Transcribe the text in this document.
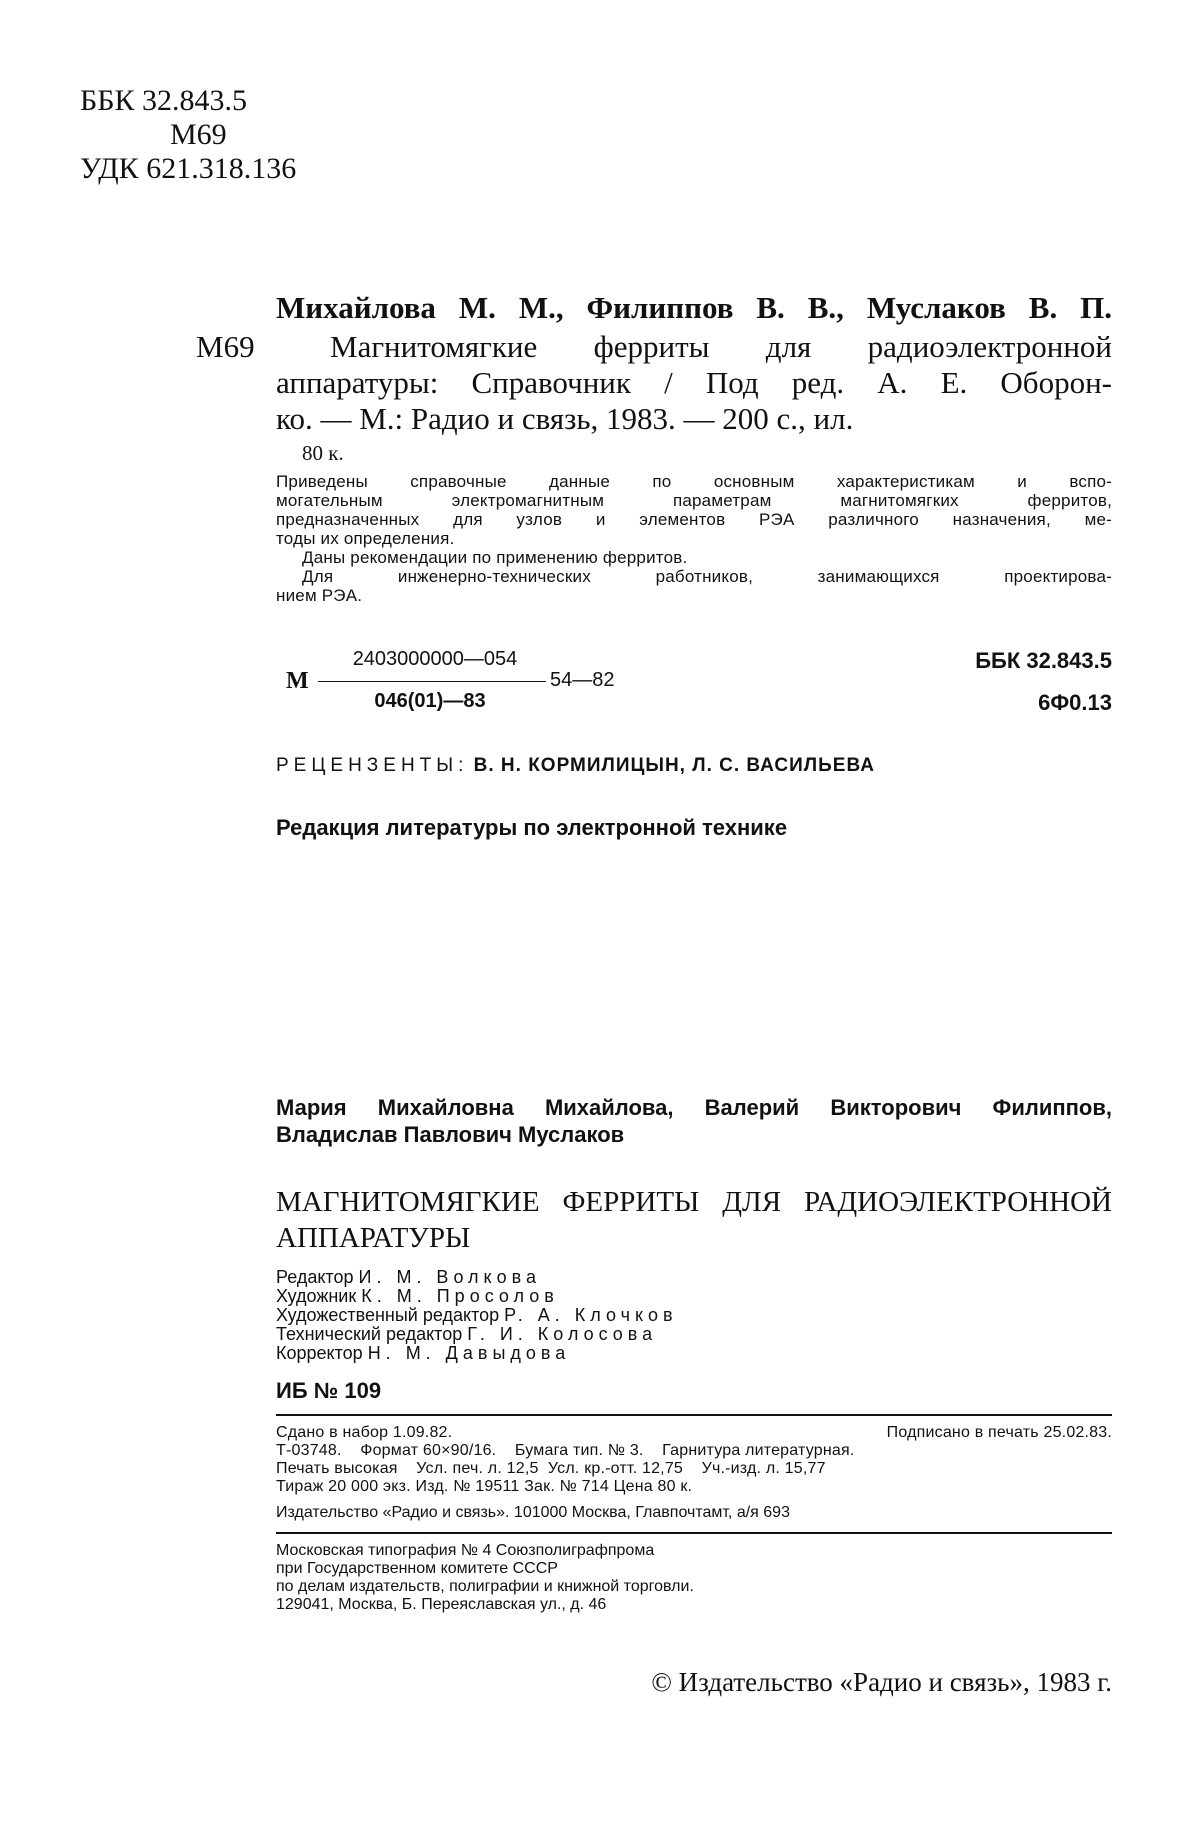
ББК 32.843.5
М69
УДК 621.318.136
Михайлова М. М., Филиппов В. В., Муслаков В. П.
М69 Магнитомягкие ферриты для радиоэлектронной
аппаратуры: Справочник / Под ред. А. Е. Оборон-
ко. — М.: Радио и связь, 1983. — 200 с., ил.
80 к.
Приведены справочные данные по основным характеристикам и вспо-
могательным электромагнитным параметрам магнитомягких ферритов,
предназначенных для узлов и элементов РЭА различного назначения, ме-
тоды их определения.
Даны рекомендации по применению ферритов.
Для инженерно-технических работников, занимающихся проектирова-
нием РЭА.
М
2403000000—054
046(01)—83
54—82
ББК 32.843.5
6Ф0.13
РЕЦЕНЗЕНТЫ: В. Н. КОРМИЛИЦЫН, Л. С. ВАСИЛЬЕВА
Редакция литературы по электронной технике
Мария Михайловна Михайлова, Валерий Викторович Филиппов,
Владислав Павлович Муслаков
МАГНИТОМЯГКИЕ ФЕРРИТЫ ДЛЯ РАДИОЭЛЕКТРОННОЙ
АППАРАТУРЫ
Редактор И. М. Волкова
Художник К. М. Просолов
Художественный редактор Р. А. Клочков
Технический редактор Г. И. Колосова
Корректор Н. М. Давыдова
ИБ № 109
Сдано в набор 1.09.82.	Подписано в печать 25.02.83.
Т-03748.    Формат 60×90/16.    Бумага тип. № 3.    Гарнитура литературная.
Печать высокая    Усл. печ. л. 12,5  Усл. кр.-отт. 12,75    Уч.-изд. л. 15,77
Тираж 20 000 экз. Изд. № 19511 Зак. № 714 Цена 80 к.
Издательство «Радио и связь». 101000 Москва, Главпочтамт, а/я 693
Московская типография № 4 Союзполиграфпрома
при Государственном комитете СССР
по делам издательств, полиграфии и книжной торговли.
129041, Москва, Б. Переяславская ул., д. 46
© Издательство «Радио и связь», 1983 г.
